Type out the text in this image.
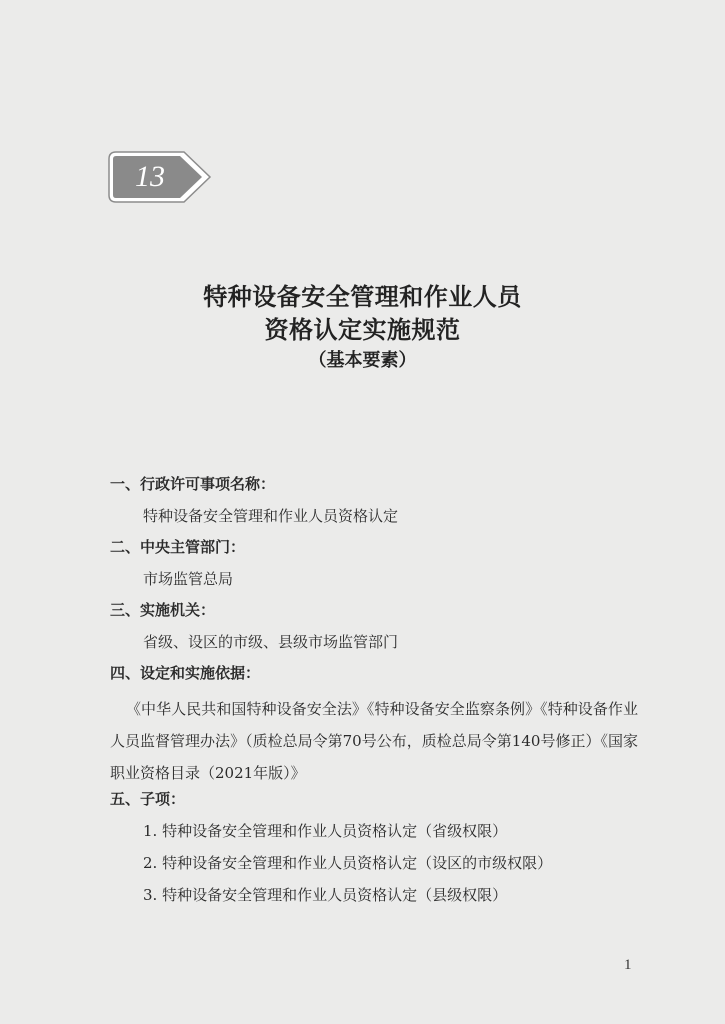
13
特种设备安全管理和作业人员
资格认定实施规范
（基本要素）
一、行政许可事项名称：
特种设备安全管理和作业人员资格认定
二、中央主管部门：
市场监管总局
三、实施机关：
省级、设区的市级、县级市场监管部门
四、设定和实施依据：
《中华人民共和国特种设备安全法》《特种设备安全监察条例》《特种设备作业人员监督管理办法》（质检总局令第70号公布，质检总局令第140号修正）《国家职业资格目录（2021年版）》
五、子项：
1. 特种设备安全管理和作业人员资格认定（省级权限）
2. 特种设备安全管理和作业人员资格认定（设区的市级权限）
3. 特种设备安全管理和作业人员资格认定（县级权限）
1
